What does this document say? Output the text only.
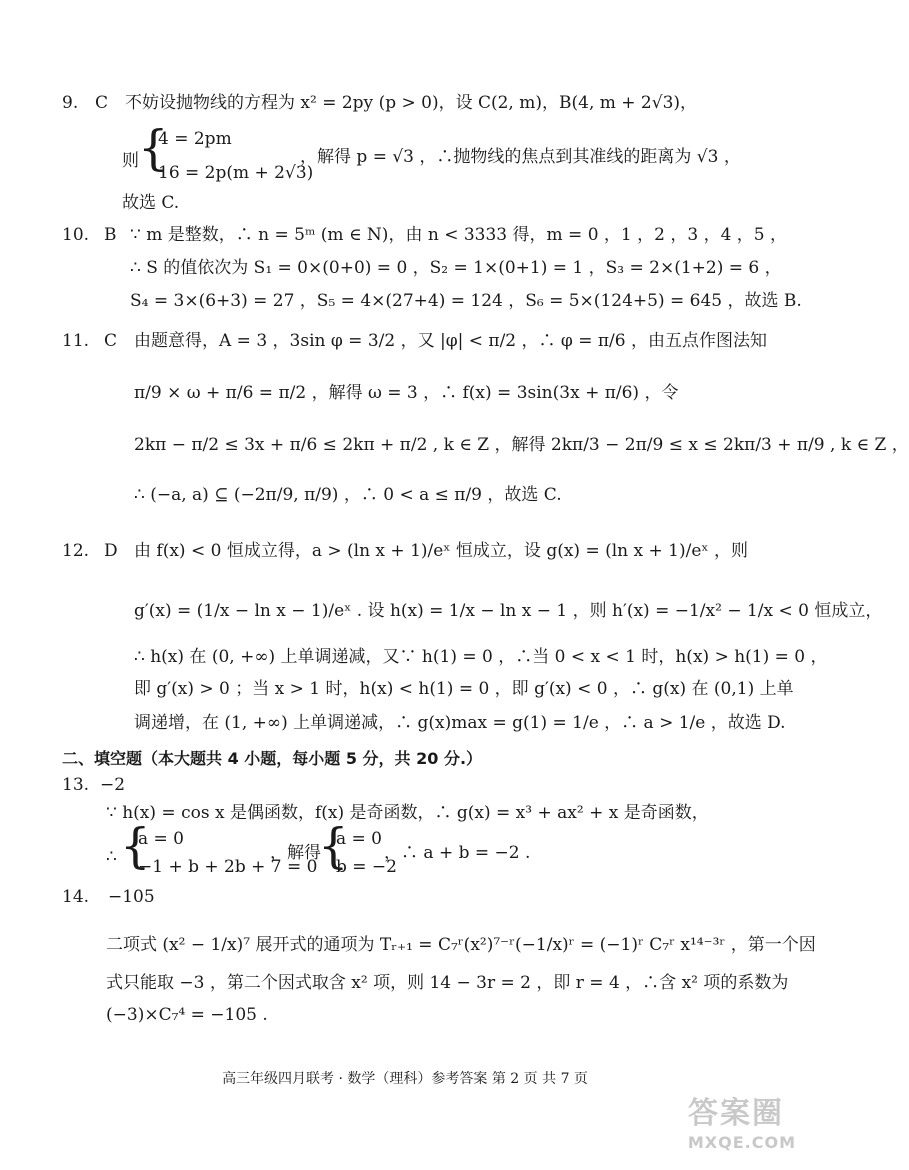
9. C 不妨设抛物线的方程为 x² = 2py (p > 0)，设 C(2, m)，B(4, m + 2√3)，
则 {
4 = 2pm
16 = 2p(m + 2√3)
，解得 p = √3 ，∴抛物线的焦点到其准线的距离为 √3 ，
故选 C.
10. B ∵ m 是整数，∴ n = 5ᵐ (m ∈ N)，由 n < 3333 得，m = 0 ，1 ，2 ，3 ，4 ，5 ，
∴ S 的值依次为 S₁ = 0×(0+0) = 0 ，S₂ = 1×(0+1) = 1 ，S₃ = 2×(1+2) = 6 ，
S₄ = 3×(6+3) = 27 ，S₅ = 4×(27+4) = 124 ，S₆ = 5×(124+5) = 645 ，故选 B.
11. C 由题意得，A = 3 ，3sin φ = 3/2 ，又 |φ| < π/2 ，∴ φ = π/6 ，由五点作图法知
π/9 × ω + π/6 = π/2 ，解得 ω = 3 ，∴ f(x) = 3sin(3x + π/6) ，令
2kπ − π/2 ≤ 3x + π/6 ≤ 2kπ + π/2 , k ∈ Z ，解得 2kπ/3 − 2π/9 ≤ x ≤ 2kπ/3 + π/9 , k ∈ Z ，
∴ (−a, a) ⊆ (−2π/9, π/9) ，∴ 0 < a ≤ π/9 ，故选 C.
12. D 由 f(x) < 0 恒成立得，a > (ln x + 1)/eˣ 恒成立，设 g(x) = (ln x + 1)/eˣ ，则
g′(x) = (1/x − ln x − 1)/eˣ . 设 h(x) = 1/x − ln x − 1 ，则 h′(x) = −1/x² − 1/x < 0 恒成立，
∴ h(x) 在 (0, +∞) 上单调递减，又∵ h(1) = 0 ，∴当 0 < x < 1 时，h(x) > h(1) = 0 ，
即 g′(x) > 0 ；当 x > 1 时，h(x) < h(1) = 0 ，即 g′(x) < 0 ，∴ g(x) 在 (0,1) 上单
调递增，在 (1, +∞) 上单调递减，∴ g(x)max = g(1) = 1/e ，∴ a > 1/e ，故选 D.
二、填空题（本大题共 4 小题，每小题 5 分，共 20 分.）
13. −2
∵ h(x) = cos x 是偶函数，f(x) 是奇函数，∴ g(x) = x³ + ax² + x 是奇函数，
∴ {
a = 0
−1 + b + 2b + 7 = 0
，解得
{
a = 0
b = −2
，∴ a + b = −2 .
14. −105
二项式 (x² − 1/x)⁷ 展开式的通项为 Tᵣ₊₁ = C₇ʳ(x²)⁷⁻ʳ(−1/x)ʳ = (−1)ʳ C₇ʳ x¹⁴⁻³ʳ ，第一个因
式只能取 −3 ，第二个因式取含 x² 项，则 14 − 3r = 2 ，即 r = 4 ，∴含 x² 项的系数为
(−3)×C₇⁴ = −105 .
高三年级四月联考 · 数学（理科）参考答案 第 2 页 共 7 页
答案圈
MXQE.COM
